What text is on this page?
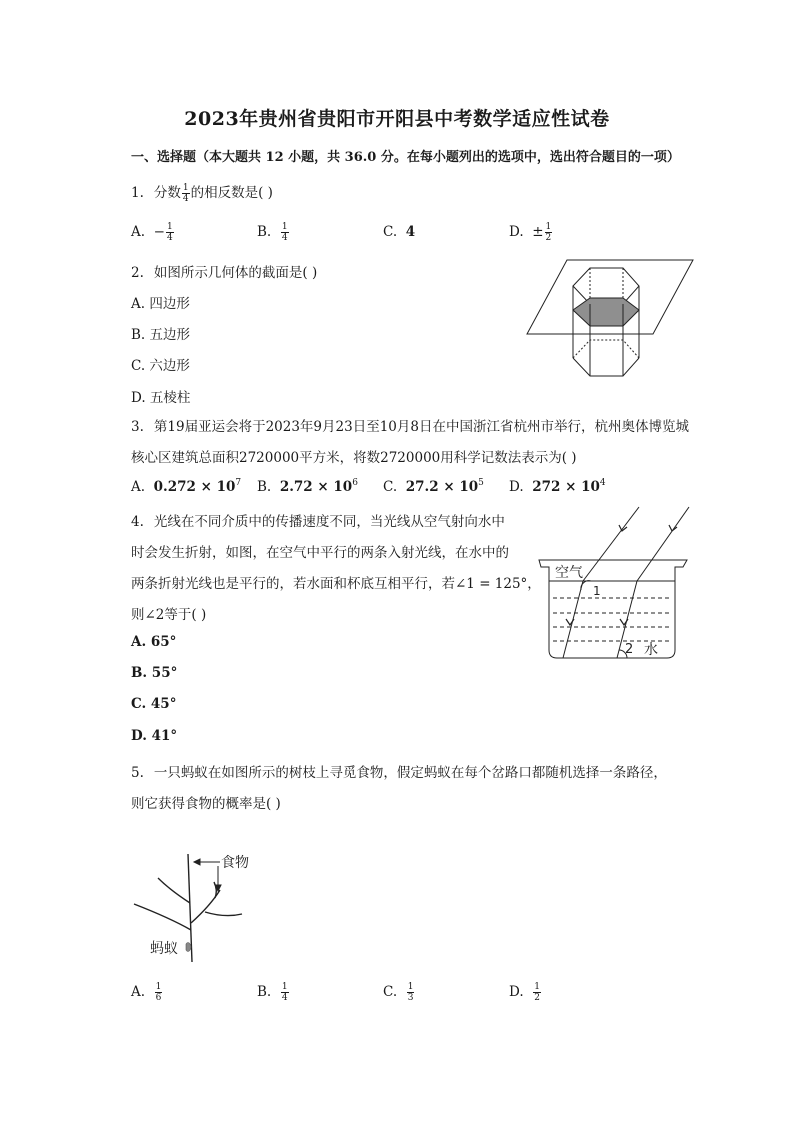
2023年贵州省贵阳市开阳县中考数学适应性试卷
一、选择题（本大题共 12 小题，共 36.0 分。在每小题列出的选项中，选出符合题目的一项）
1. 分数 $\frac{1}{4}$ 的相反数是( )
A. − $\frac{1}{4}$	B. $\frac{1}{4}$	C. 4	D. ± $\frac{1}{2}$
2. 如图所示几何体的截面是( )
A. 四边形
B. 五边形
C. 六边形
D. 五棱柱
3. 第19届亚运会将于2023年9月23日至10月8日在中国浙江省杭州市举行，杭州奥体博览城
核心区建筑总面积2720000平方米，将数2720000用科学记数法表示为( )
A. $0.272 \times 10^7$ B. $2.72 \times 10^6$ C. $27.2 \times 10^5$ D. $272 \times 10^4$
4. 光线在不同介质中的传播速度不同，当光线从空气射向水中
时会发生折射，如图，在空气中平行的两条入射光线，在水中的
两条折射光线也是平行的，若水面和杯底互相平行，若∠1 = 125°，
则∠2等于( )
A. 65°
B. 55°
C. 45°
D. 41°
空气
1
2 水
5. 一只蚂蚁在如图所示的树枝上寻觅食物，假定蚂蚁在每个岔路口都随机选择一条路径，
则它获得食物的概率是( )
食物
蚂蚁
A. $\frac{1}{6}$	B. $\frac{1}{4}$	C. $\frac{1}{3}$	D. $\frac{1}{2}$
